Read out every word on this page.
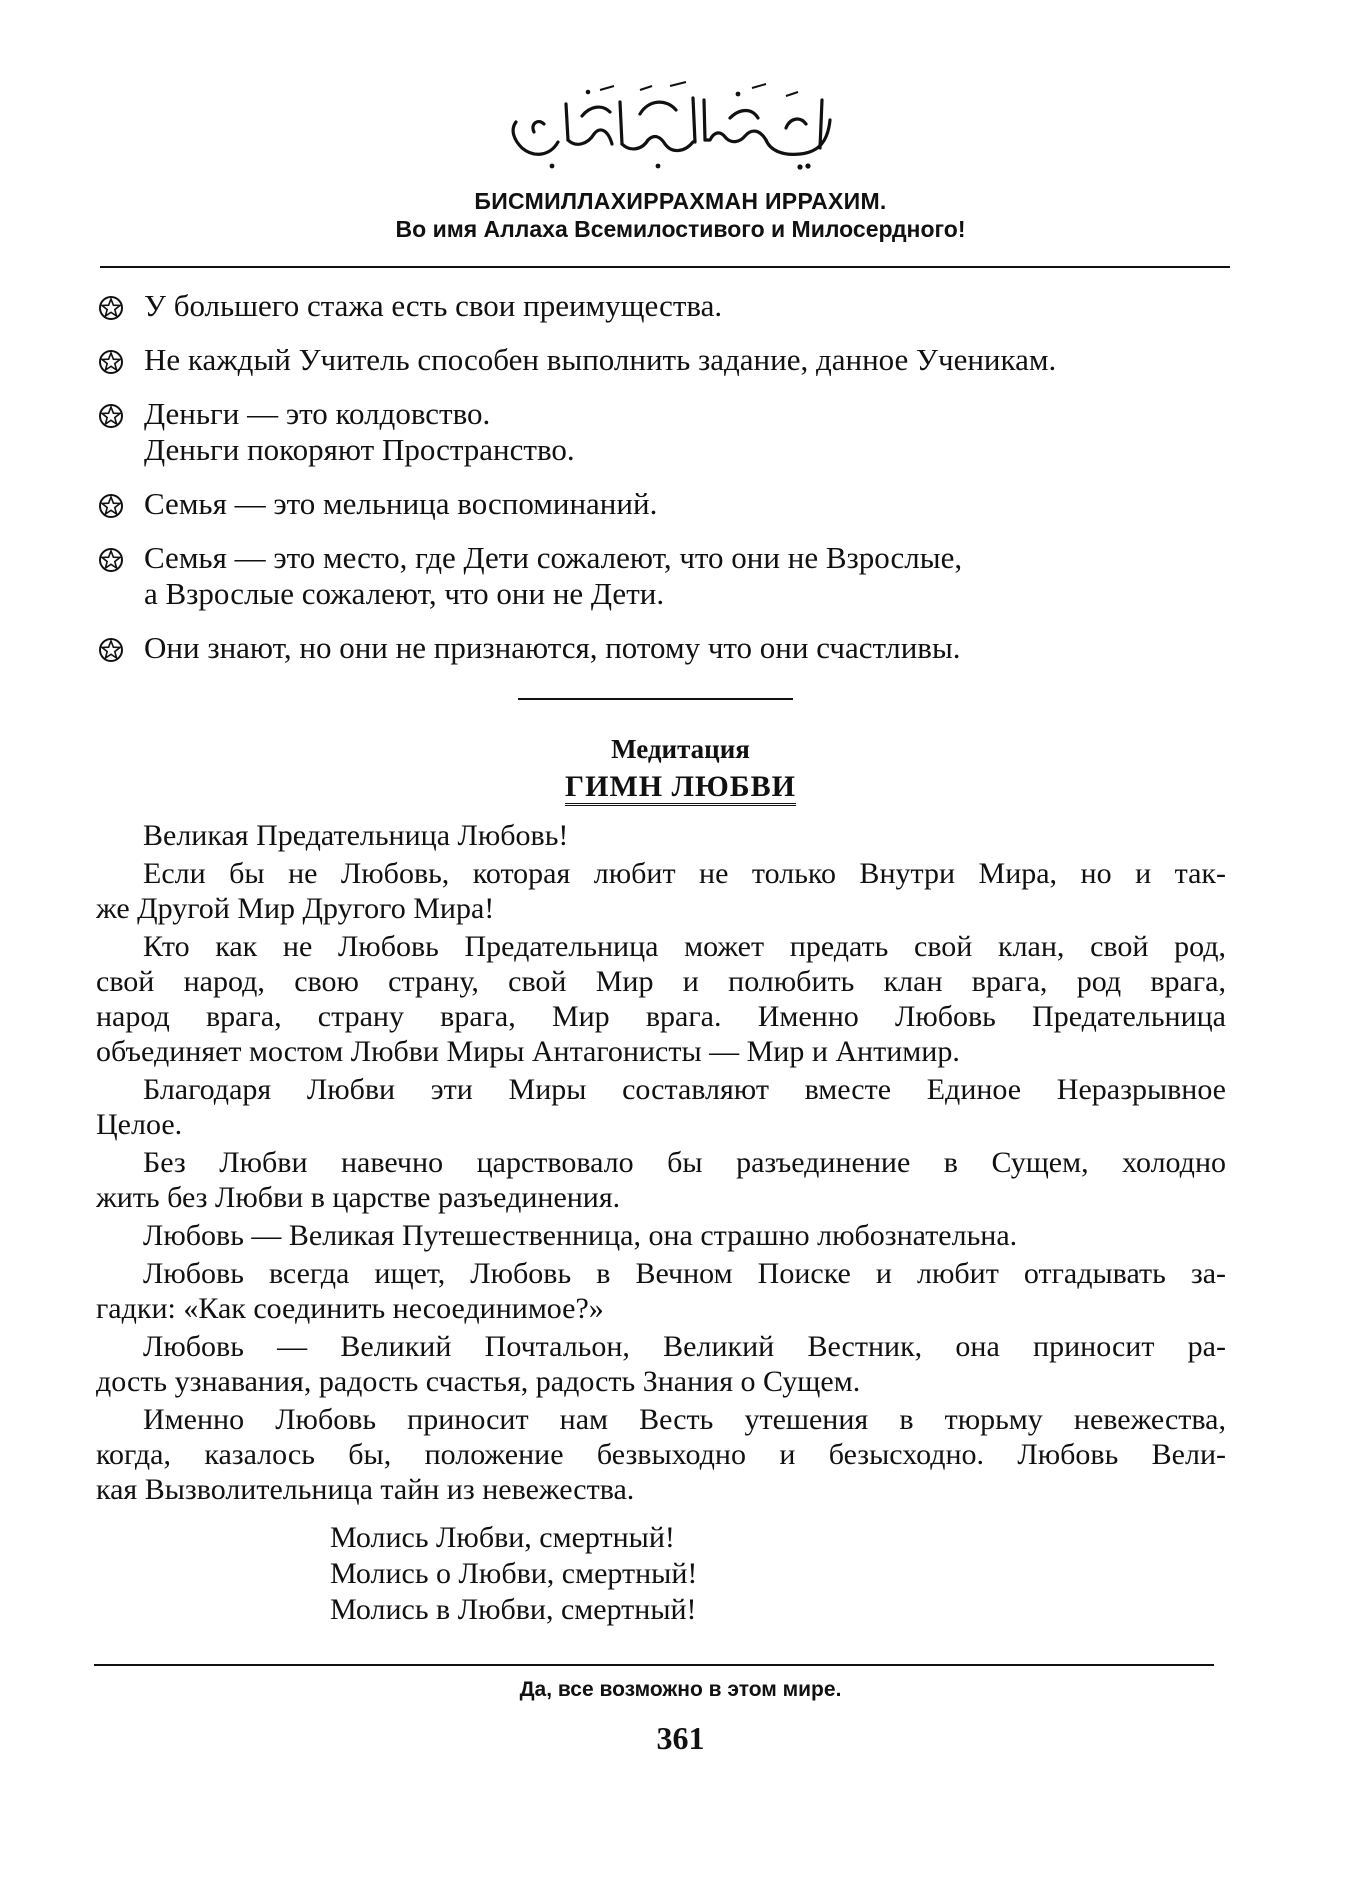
БИСМИЛЛАХИРРАХМАН ИРРАХИМ.
Во имя Аллаха Всемилостивого и Милосердного!
У большего стажа есть свои преимущества.
Не каждый Учитель способен выполнить задание, данное Ученикам.
Деньги — это колдовство.
Деньги покоряют Пространство.
Семья — это мельница воспоминаний.
Семья — это место, где Дети сожалеют, что они не Взрослые,
а Взрослые сожалеют, что они не Дети.
Они знают, но они не признаются, потому что они счастливы.
Медитация
ГИМН ЛЮБВИ
Великая Предательница Любовь!
Если бы не Любовь, которая любит не только Внутри Мира, но и так-
же Другой Мир Другого Мира!
Кто как не Любовь Предательница может предать свой клан, свой род,
свой народ, свою страну, свой Мир и полюбить клан врага, род врага,
народ врага, страну врага, Мир врага. Именно Любовь Предательница
объединяет мостом Любви Миры Антагонисты — Мир и Антимир.
Благодаря Любви эти Миры составляют вместе Единое Неразрывное
Целое.
Без Любви навечно царствовало бы разъединение в Сущем, холодно
жить без Любви в царстве разъединения.
Любовь — Великая Путешественница, она страшно любознательна.
Любовь всегда ищет, Любовь в Вечном Поиске и любит отгадывать за-
гадки: «Как соединить несоединимое?»
Любовь — Великий Почтальон, Великий Вестник, она приносит ра-
дость узнавания, радость счастья, радость Знания о Сущем.
Именно Любовь приносит нам Весть утешения в тюрьму невежества,
когда, казалось бы, положение безвыходно и безысходно. Любовь Вели-
кая Вызволительница тайн из невежества.
Молись Любви, смертный!
Молись о Любви, смертный!
Молись в Любви, смертный!
Да, все возможно в этом мире.
361
